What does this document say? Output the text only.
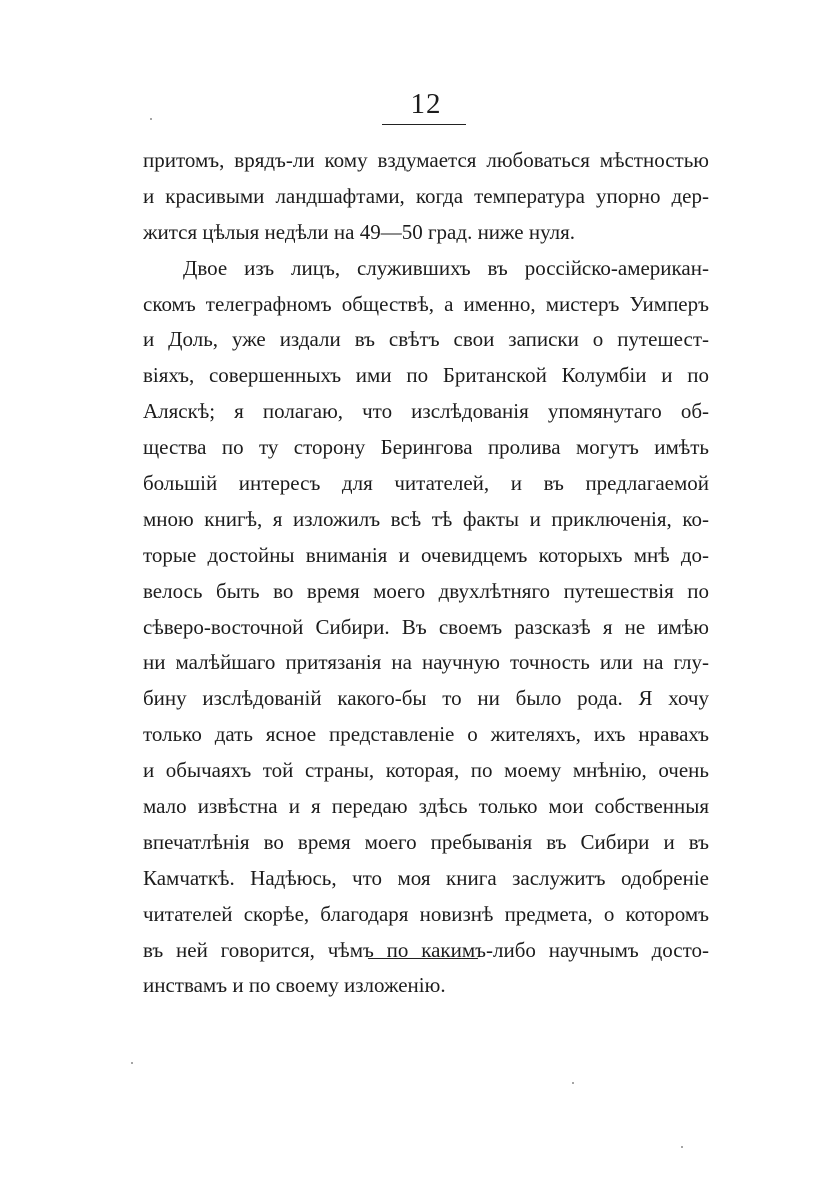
12
притомъ, врядъ-ли кому вздумается любоваться мѣстностью
и красивыми ландшафтами, когда температура упорно дер-
жится цѣлыя недѣли на 49—50 град. ниже нуля.
Двое изъ лицъ, служившихъ въ россійско-американ-
скомъ телеграфномъ обществѣ, а именно, мистеръ Уимперъ
и Доль, уже издали въ свѣтъ свои записки о путешест-
віяхъ, совершенныхъ ими по Британской Колумбіи и по
Аляскѣ; я полагаю, что изслѣдованія упомянутаго об-
щества по ту сторону Берингова пролива могутъ имѣть
большій интересъ для читателей, и въ предлагаемой
мною книгѣ, я изложилъ всѣ тѣ факты и приключенія, ко-
торые достойны вниманія и очевидцемъ которыхъ мнѣ до-
велось быть во время моего двухлѣтняго путешествія по
сѣверо-восточной Сибири. Въ своемъ разсказѣ я не имѣю
ни малѣйшаго притязанія на научную точность или на глу-
бину изслѣдованій какого-бы то ни было рода. Я хочу
только дать ясное представленіе о жителяхъ, ихъ нравахъ
и обычаяхъ той страны, которая, по моему мнѣнію, очень
мало извѣстна и я передаю здѣсь только мои собственныя
впечатлѣнія во время моего пребыванія въ Сибири и въ
Камчаткѣ. Надѣюсь, что моя книга заслужитъ одобреніе
читателей скорѣе, благодаря новизнѣ предмета, о которомъ
въ ней говорится, чѣмъ по какимъ-либо научнымъ досто-
инствамъ и по своему изложенію.
